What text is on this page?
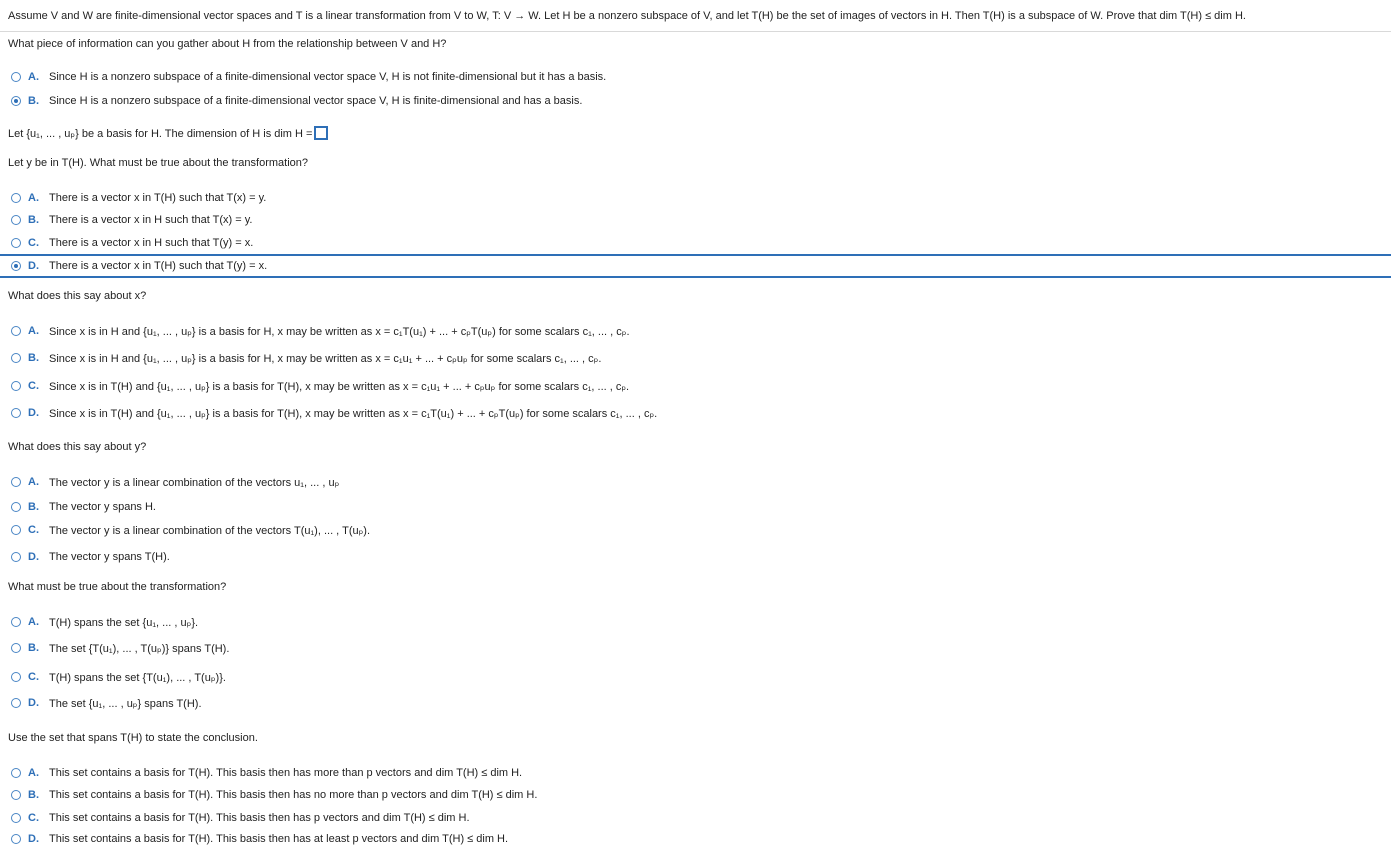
Assume V and W are finite-dimensional vector spaces and T is a linear transformation from V to W, T: V → W. Let H be a nonzero subspace of V, and let T(H) be the set of images of vectors in H. Then T(H) is a subspace of W. Prove that dim T(H) ≤ dim H.
What piece of information can you gather about H from the relationship between V and H?
A. Since H is a nonzero subspace of a finite-dimensional vector space V, H is not finite-dimensional but it has a basis.
B. Since H is a nonzero subspace of a finite-dimensional vector space V, H is finite-dimensional and has a basis.
Let {u₁, ... , uₚ} be a basis for H. The dimension of H is dim H =
Let y be in T(H). What must be true about the transformation?
A. There is a vector x in T(H) such that T(x) = y.
B. There is a vector x in H such that T(x) = y.
C. There is a vector x in H such that T(y) = x.
D. There is a vector x in T(H) such that T(y) = x.
What does this say about x?
A. Since x is in H and {u₁, ... , uₚ} is a basis for H, x may be written as x = c₁T(u₁) + ... + cₚT(uₚ) for some scalars c₁, ... , cₚ.
B. Since x is in H and {u₁, ... , uₚ} is a basis for H, x may be written as x = c₁u₁ + ... + cₚuₚ for some scalars c₁, ... , cₚ.
C. Since x is in T(H) and {u₁, ... , uₚ} is a basis for T(H), x may be written as x = c₁u₁ + ... + cₚuₚ for some scalars c₁, ... , cₚ.
D. Since x is in T(H) and {u₁, ... , uₚ} is a basis for T(H), x may be written as x = c₁T(u₁) + ... + cₚT(uₚ) for some scalars c₁, ... , cₚ.
What does this say about y?
A. The vector y is a linear combination of the vectors u₁, ... , uₚ
B. The vector y spans H.
C. The vector y is a linear combination of the vectors T(u₁), ... , T(uₚ).
D. The vector y spans T(H).
What must be true about the transformation?
A. T(H) spans the set {u₁, ... , uₚ}.
B. The set {T(u₁), ... , T(uₚ)} spans T(H).
C. T(H) spans the set {T(u₁), ... , T(uₚ)}.
D. The set {u₁, ... , uₚ} spans T(H).
Use the set that spans T(H) to state the conclusion.
A. This set contains a basis for T(H). This basis then has more than p vectors and dim T(H) ≤ dim H.
B. This set contains a basis for T(H). This basis then has no more than p vectors and dim T(H) ≤ dim H.
C. This set contains a basis for T(H). This basis then has p vectors and dim T(H) ≤ dim H.
D. This set contains a basis for T(H). This basis then has at least p vectors and dim T(H) ≤ dim H.
